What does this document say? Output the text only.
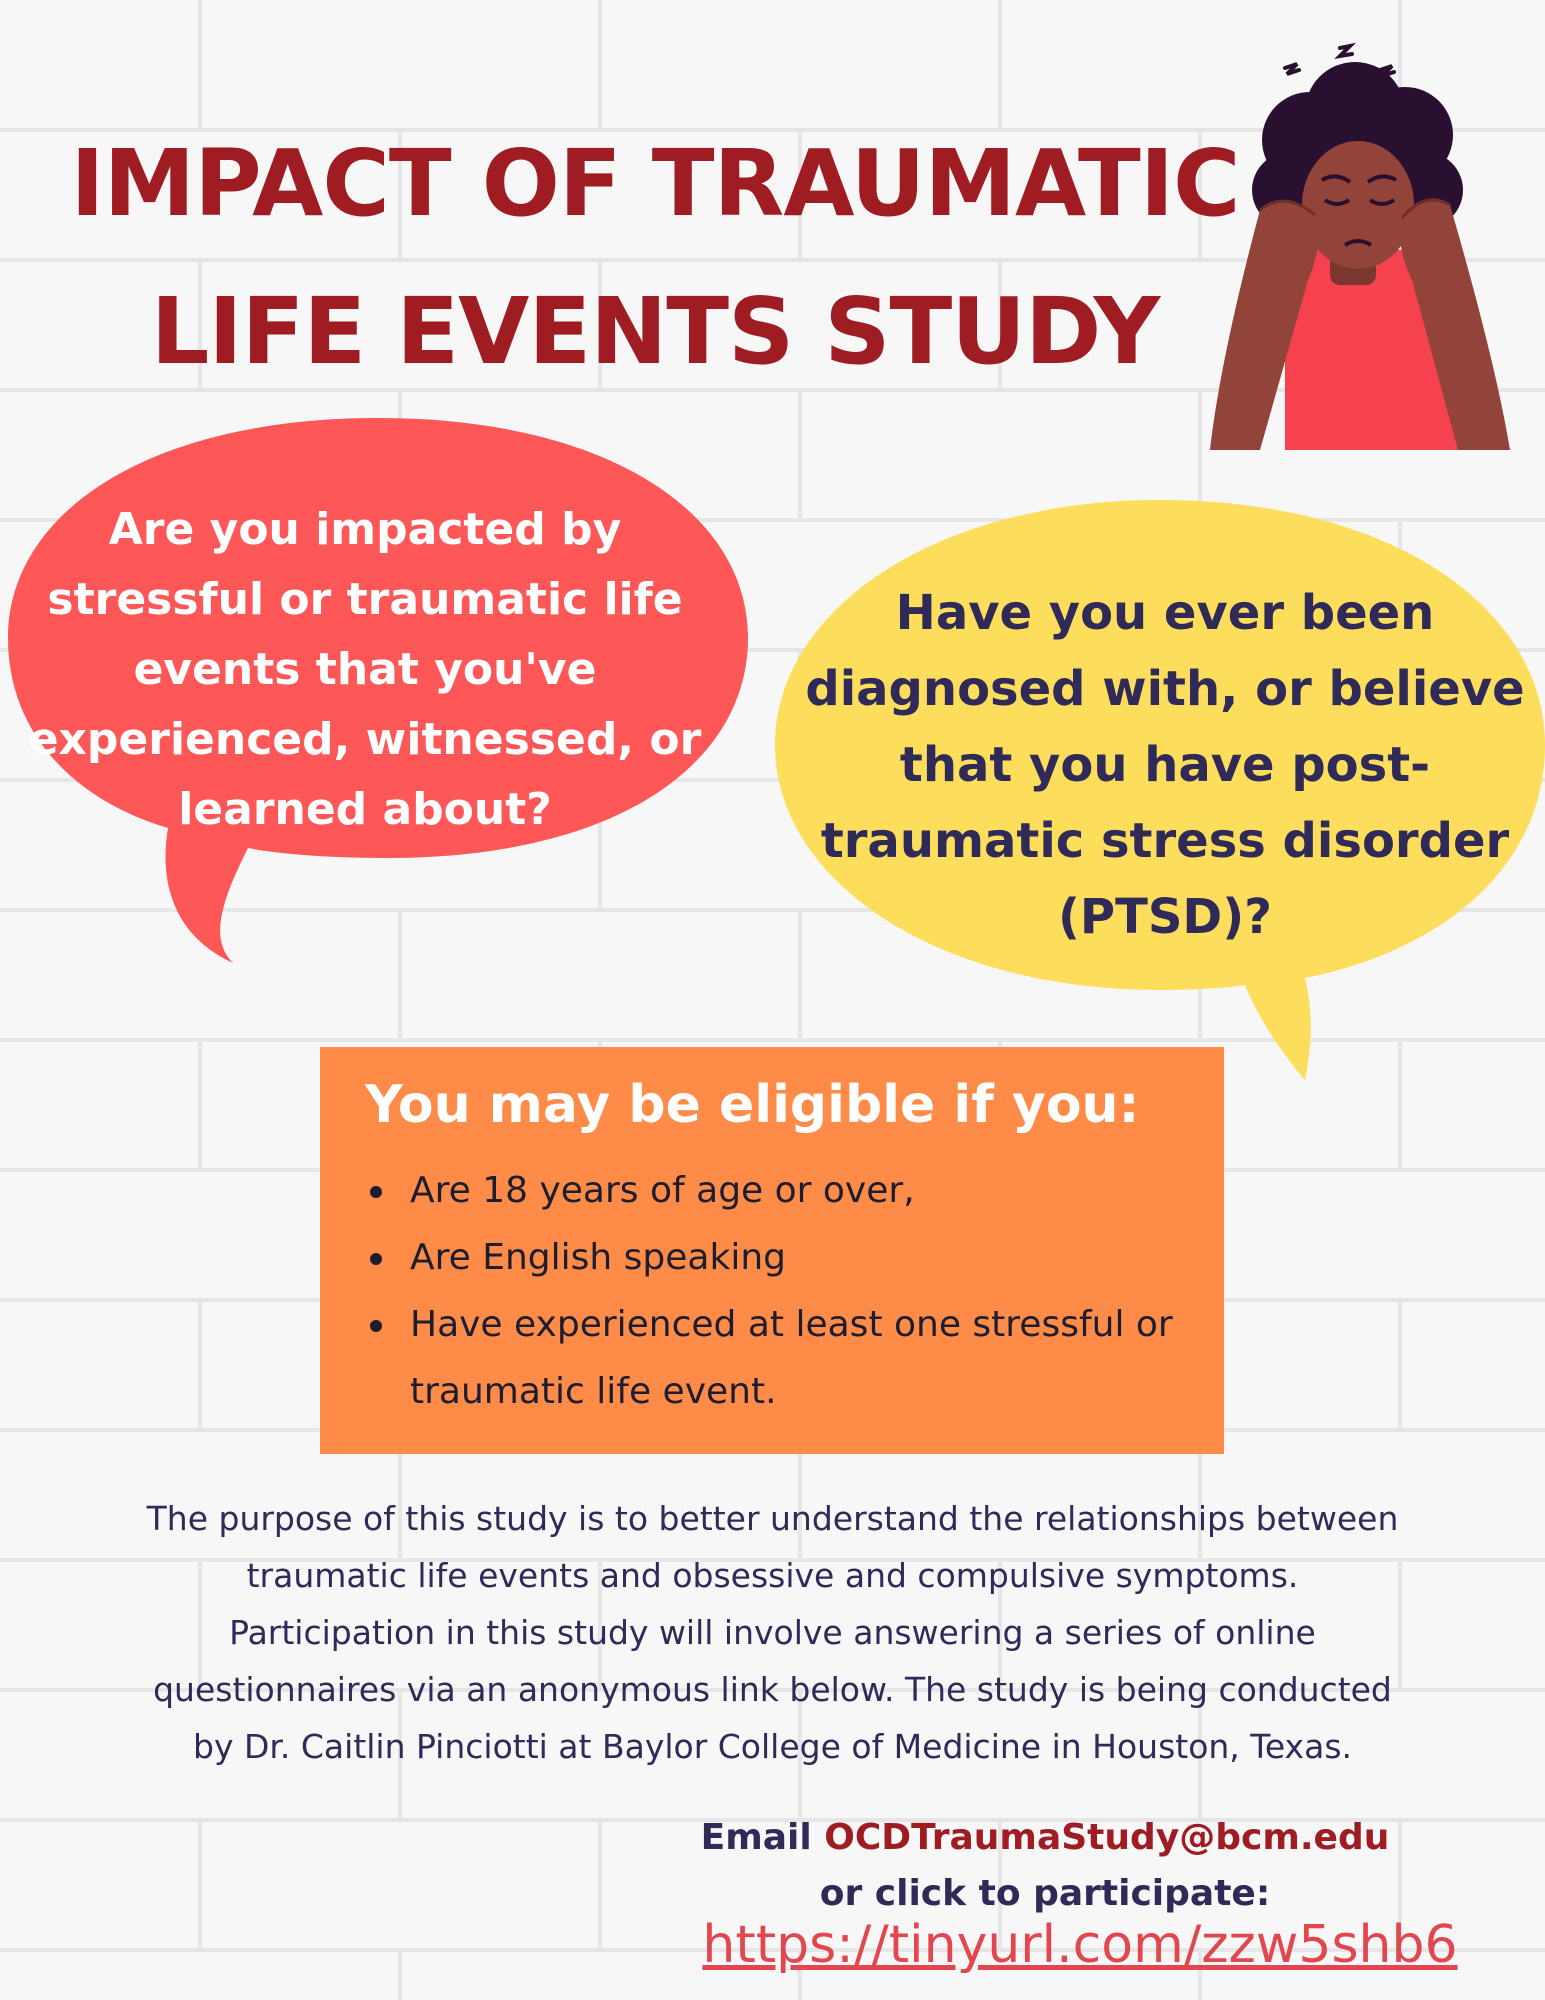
IMPACT OF TRAUMATIC
LIFE EVENTS STUDY
Are you impacted by
stressful or traumatic life
events that you've
experienced, witnessed, or
learned about?
Have you ever been
diagnosed with, or believe
that you have post-
traumatic stress disorder
(PTSD)?
You may be eligible if you:
Are 18 years of age or over,
Are English speaking
Have experienced at least one stressful or traumatic life event.

The purpose of this study is to better understand the relationships between
traumatic life events and obsessive and compulsive symptoms.
Participation in this study will involve answering a series of online
questionnaires via an anonymous link below. The study is being conducted
by Dr. Caitlin Pinciotti at Baylor College of Medicine in Houston, Texas.

Email OCDTraumaStudy@bcm.edu
or click to participate:
https://tinyurl.com/zzw5shb6
